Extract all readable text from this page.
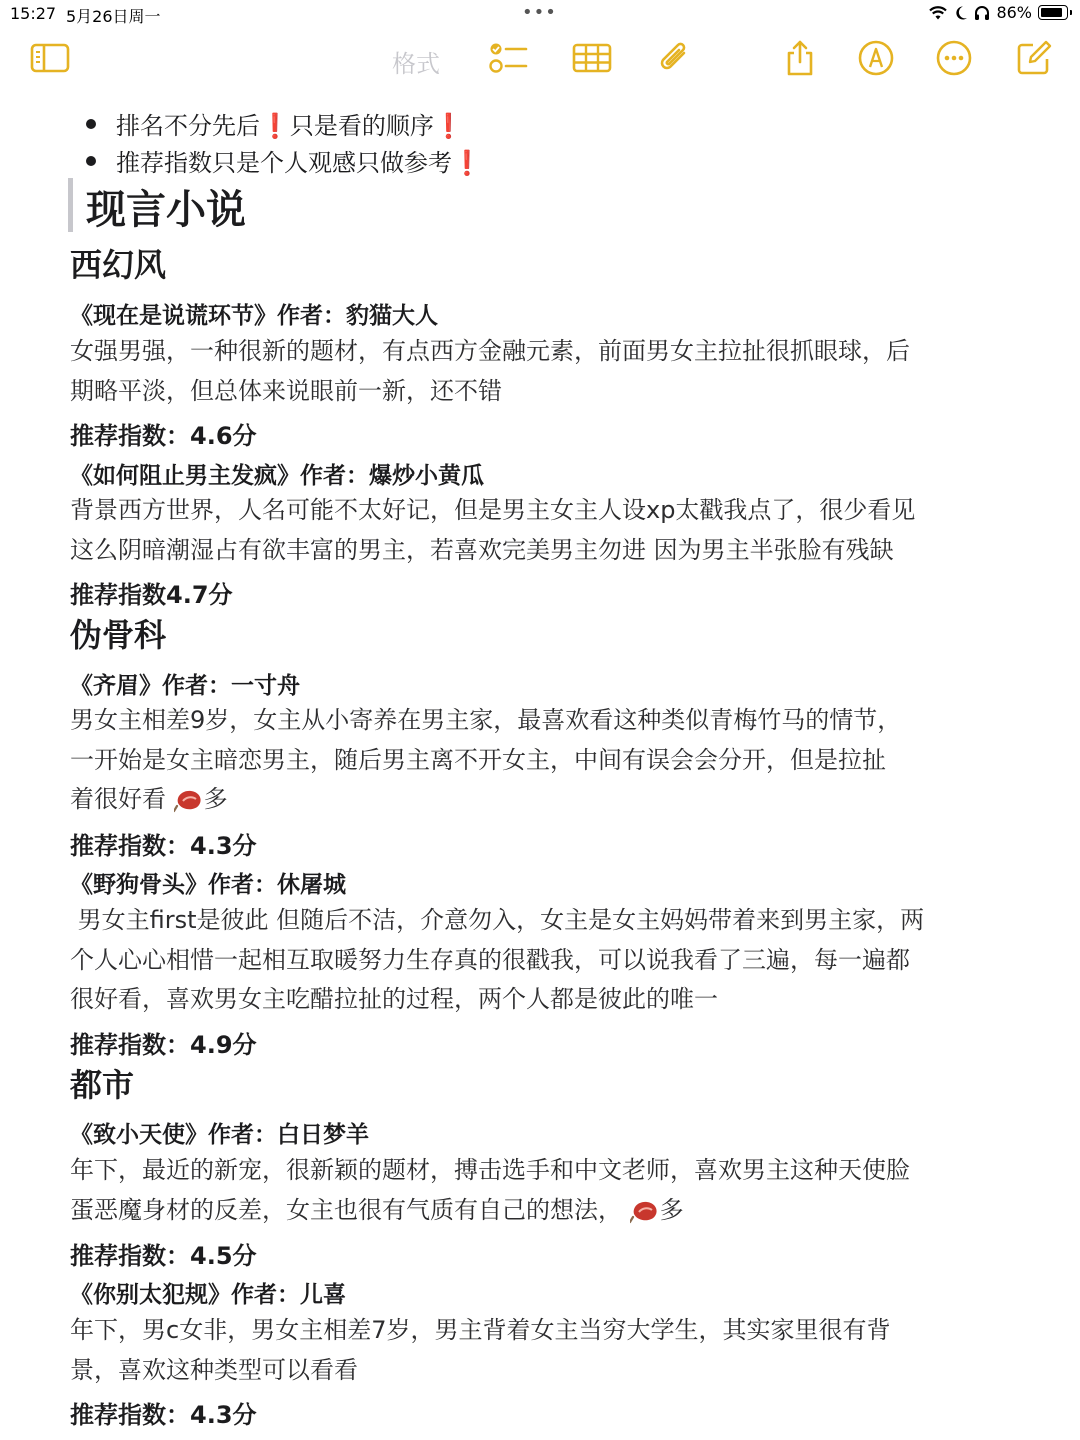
15:27 5月26日周一	•••	86%
格式
排名不分先后❗只是看的顺序❗
推荐指数只是个人观感只做参考❗
现言小说
西幻风
《现在是说谎环节》作者：豹猫大人
女强男强，一种很新的题材，有点西方金融元素，前面男女主拉扯很抓眼球，后
期略平淡，但总体来说眼前一新，还不错
推荐指数：4.6分
《如何阻止男主发疯》作者：爆炒小黄瓜
背景西方世界，人名可能不太好记，但是男主女主人设xp太戳我点了，很少看见
这么阴暗潮湿占有欲丰富的男主，若喜欢完美男主勿进 因为男主半张脸有残缺
推荐指数4.7分
伪骨科
《齐眉》作者：一寸舟
男女主相差9岁，女主从小寄养在男主家，最喜欢看这种类似青梅竹马的情节，
一开始是女主暗恋男主，随后男主离不开女主，中间有误会会分开，但是拉扯
着很好看 多
推荐指数：4.3分
《野狗骨头》作者：休屠城
男女主first是彼此 但随后不洁，介意勿入，女主是女主妈妈带着来到男主家，两
个人心心相惜一起相互取暖努力生存真的很戳我，可以说我看了三遍，每一遍都
很好看，喜欢男女主吃醋拉扯的过程，两个人都是彼此的唯一
推荐指数：4.9分
都市
《致小天使》作者：白日梦羊
年下，最近的新宠，很新颖的题材，搏击选手和中文老师，喜欢男主这种天使脸
蛋恶魔身材的反差，女主也很有气质有自己的想法， 多
推荐指数：4.5分
《你别太犯规》作者：儿喜
年下，男c女非，男女主相差7岁，男主背着女主当穷大学生，其实家里很有背
景，喜欢这种类型可以看看
推荐指数：4.3分
